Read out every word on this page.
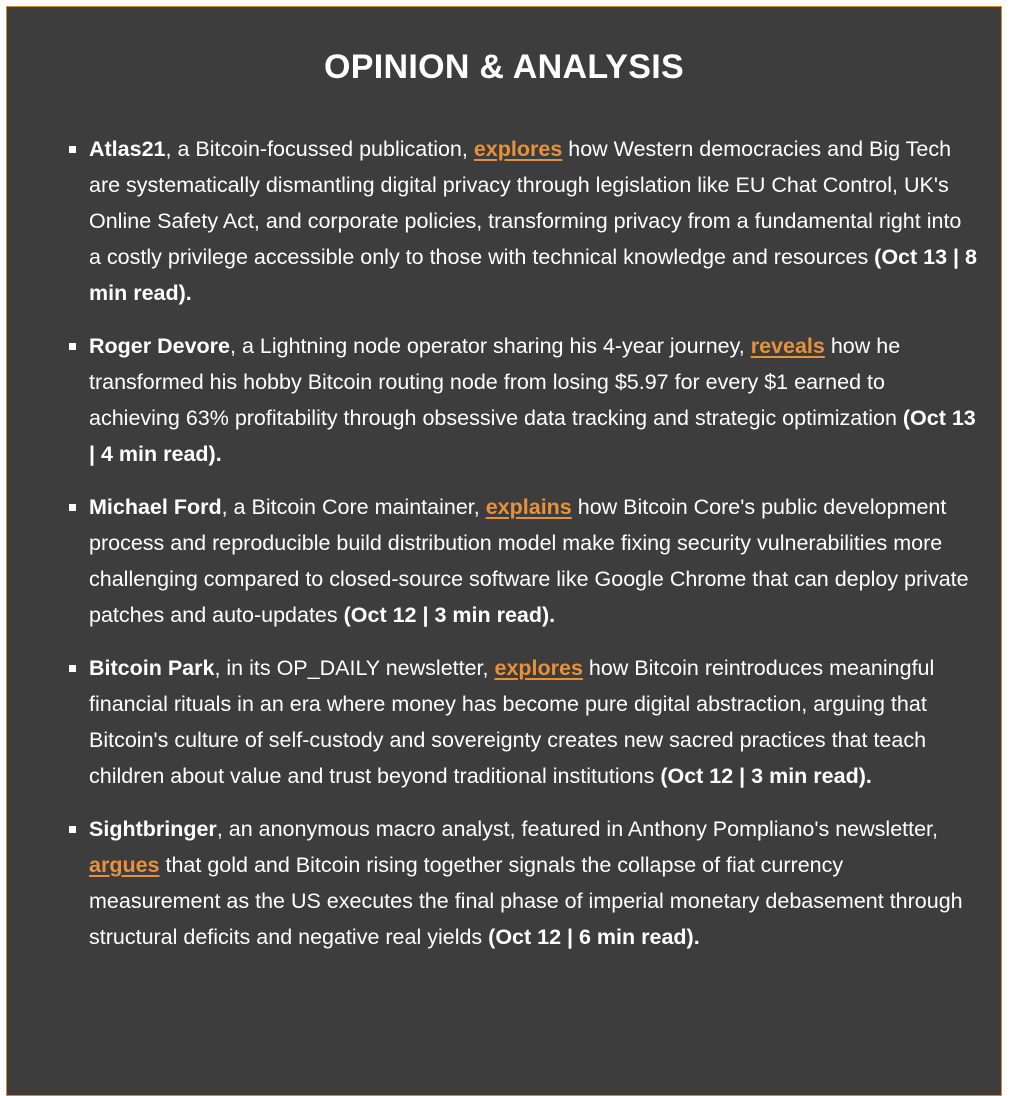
OPINION & ANALYSIS
Atlas21, a Bitcoin-focussed publication, explores how Western democracies and Big Tech are systematically dismantling digital privacy through legislation like EU Chat Control, UK's Online Safety Act, and corporate policies, transforming privacy from a fundamental right into a costly privilege accessible only to those with technical knowledge and resources (Oct 13 | 8 min read).
Roger Devore, a Lightning node operator sharing his 4-year journey, reveals how he transformed his hobby Bitcoin routing node from losing $5.97 for every $1 earned to achieving 63% profitability through obsessive data tracking and strategic optimization (Oct 13 | 4 min read).
Michael Ford, a Bitcoin Core maintainer, explains how Bitcoin Core's public development process and reproducible build distribution model make fixing security vulnerabilities more challenging compared to closed-source software like Google Chrome that can deploy private patches and auto-updates (Oct 12 | 3 min read).
Bitcoin Park, in its OP_DAILY newsletter, explores how Bitcoin reintroduces meaningful financial rituals in an era where money has become pure digital abstraction, arguing that Bitcoin's culture of self-custody and sovereignty creates new sacred practices that teach children about value and trust beyond traditional institutions (Oct 12 | 3 min read).
Sightbringer, an anonymous macro analyst, featured in Anthony Pompliano's newsletter, argues that gold and Bitcoin rising together signals the collapse of fiat currency measurement as the US executes the final phase of imperial monetary debasement through structural deficits and negative real yields (Oct 12 | 6 min read).
